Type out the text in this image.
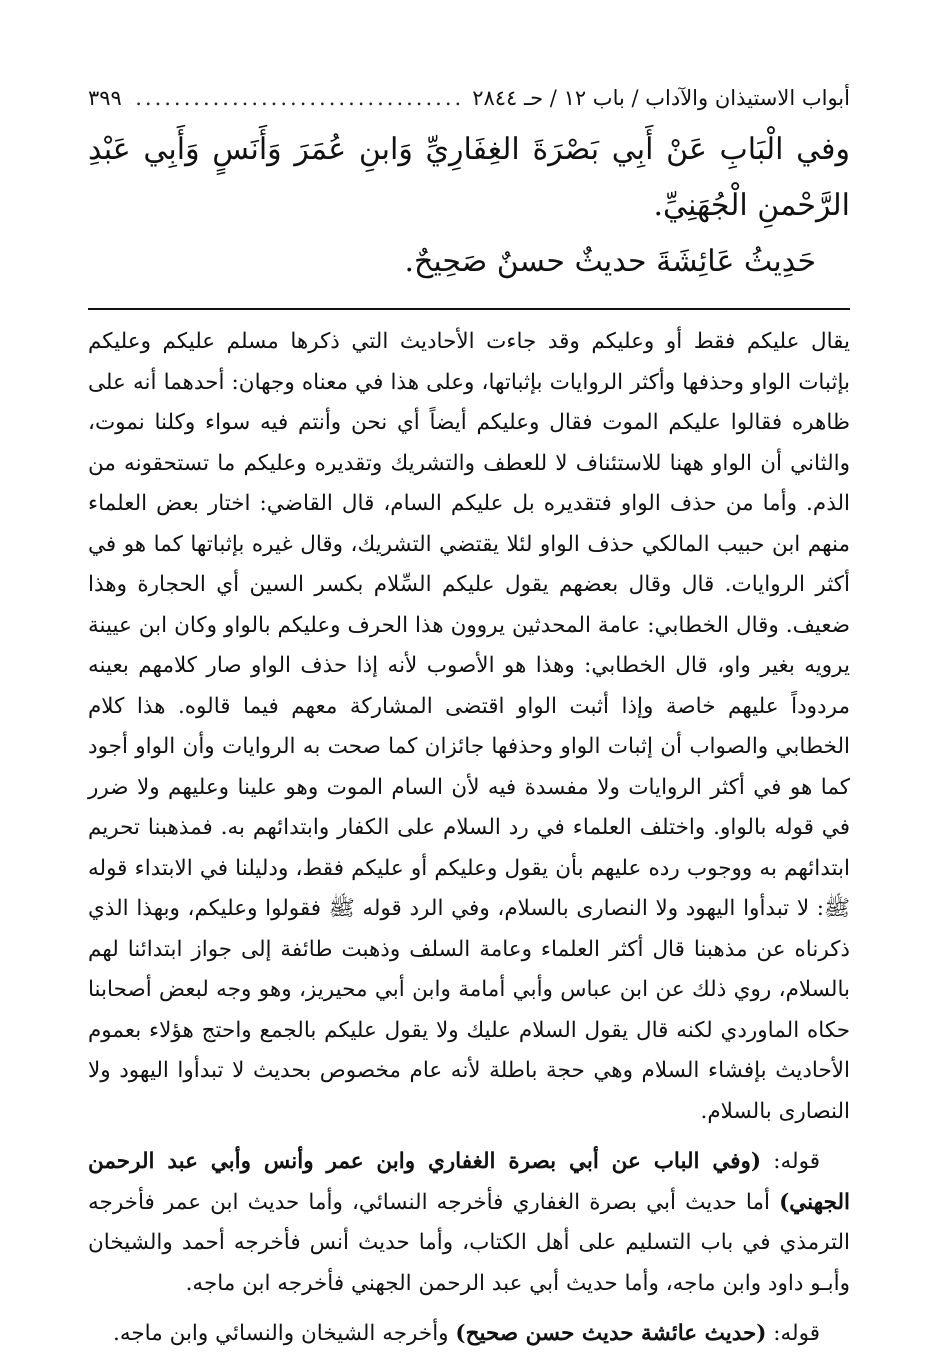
أبواب الاستيذان والآداب / باب ١٢ / حـ ٢٨٤٤
.....
٣٩٩

وفي الْبَابِ عَنْ أَبِي بَصْرَةَ الغِفَارِيِّ وَابنِ عُمَرَ وَأَنَسٍ وَأَبِي عَبْدِ الرَّحْمنِ الْجُهَنِيِّ.

حَدِيثُ عَائِشَةَ حديثٌ حسنٌ صَحِيحٌ.

يقال عليكم فقط أو وعليكم وقد جاءت الأحاديث التي ذكرها مسلم عليكم وعليكم بإثبات الواو وحذفها وأكثر الروايات بإثباتها، وعلى هذا في معناه وجهان: أحدهما أنه على ظاهره فقالوا عليكم الموت فقال وعليكم أيضاً أي نحن وأنتم فيه سواء وكلنا نموت، والثاني أن الواو ههنا للاستئناف لا للعطف والتشريك وتقديره وعليكم ما تستحقونه من الذم. وأما من حذف الواو فتقديره بل عليكم السام، قال القاضي: اختار بعض العلماء منهم ابن حبيب المالكي حذف الواو لئلا يقتضي التشريك، وقال غيره بإثباتها كما هو في أكثر الروايات. قال وقال بعضهم يقول عليكم السِّلام بكسر السين أي الحجارة وهذا ضعيف. وقال الخطابي: عامة المحدثين يروون هذا الحرف وعليكم بالواو وكان ابن عيينة يرويه بغير واو، قال الخطابي: وهذا هو الأصوب لأنه إذا حذف الواو صار كلامهم بعينه مردوداً عليهم خاصة وإذا أثبت الواو اقتضى المشاركة معهم فيما قالوه. هذا كلام الخطابي والصواب أن إثبات الواو وحذفها جائزان كما صحت به الروايات وأن الواو أجود كما هو في أكثر الروايات ولا مفسدة فيه لأن السام الموت وهو علينا وعليهم ولا ضرر في قوله بالواو. واختلف العلماء في رد السلام على الكفار وابتدائهم به. فمذهبنا تحريم ابتدائهم به ووجوب رده عليهم بأن يقول وعليكم أو عليكم فقط، ودليلنا في الابتداء قوله ﷺ: لا تبدأوا اليهود ولا النصارى بالسلام، وفي الرد قوله ﷺ فقولوا وعليكم، وبهذا الذي ذكرناه عن مذهبنا قال أكثر العلماء وعامة السلف وذهبت طائفة إلى جواز ابتدائنا لهم بالسلام، روي ذلك عن ابن عباس وأبي أمامة وابن أبي محيريز، وهو وجه لبعض أصحابنا حكاه الماوردي لكنه قال يقول السلام عليك ولا يقول عليكم بالجمع واحتج هؤلاء بعموم الأحاديث بإفشاء السلام وهي حجة باطلة لأنه عام مخصوص بحديث لا تبدأوا اليهود ولا النصارى بالسلام.

قوله: (وفي الباب عن أبي بصرة الغفاري وابن عمر وأنس وأبي عبد الرحمن الجهني) أما حديث أبي بصرة الغفاري فأخرجه النسائي، وأما حديث ابن عمر فأخرجه الترمذي في باب التسليم على أهل الكتاب، وأما حديث أنس فأخرجه أحمد والشيخان وأبـو داود وابن ماجه، وأما حديث أبي عبد الرحمن الجهني فأخرجه ابن ماجه.

قوله: (حديث عائشة حديث حسن صحيح) وأخرجه الشيخان والنسائي وابن ماجه.
